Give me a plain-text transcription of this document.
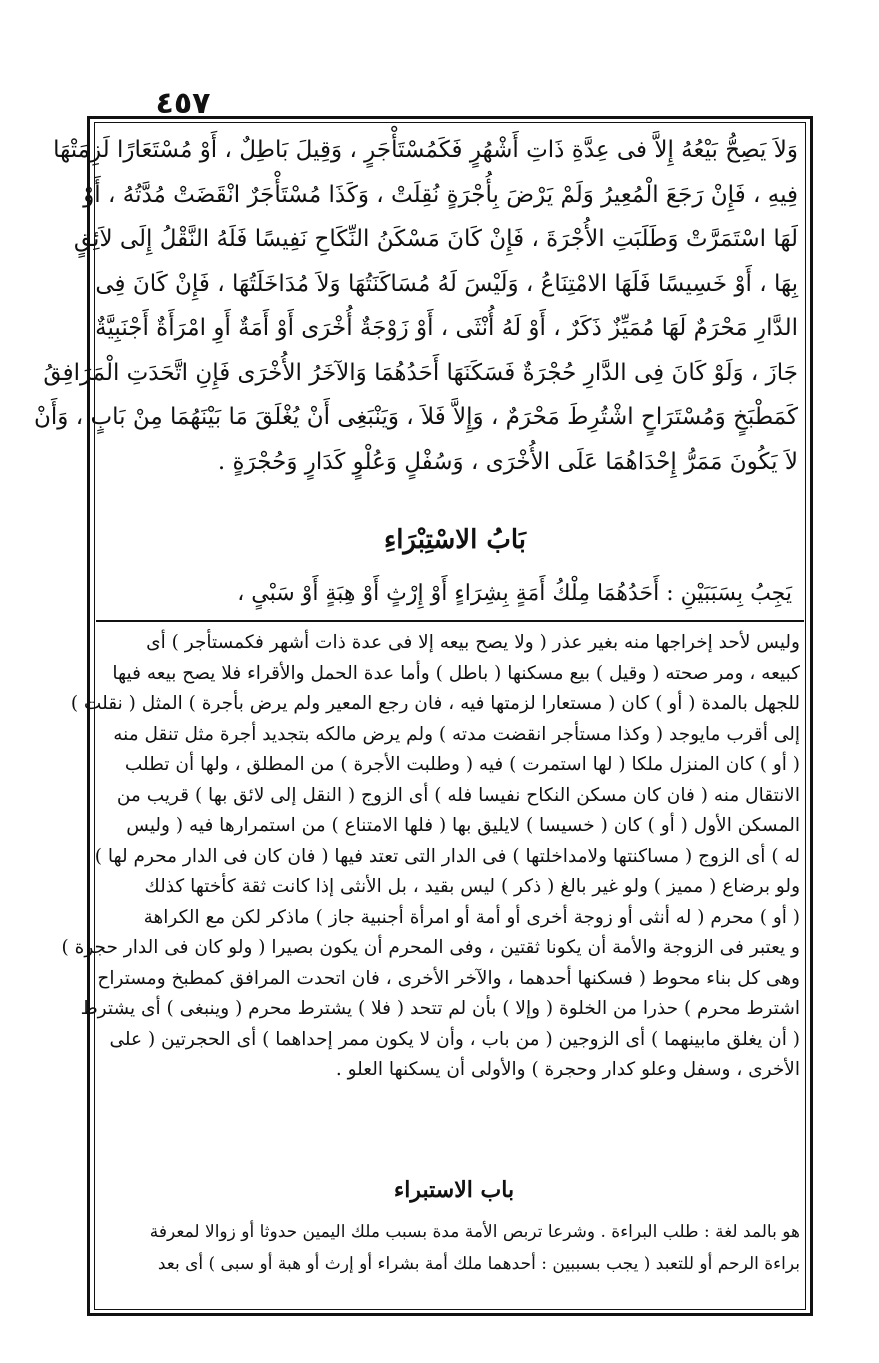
٤٥٧
وَلاَ يَصِحُّ بَيْعُهُ إِلاَّ فى عِدَّةِ ذَاتِ أَشْهُرٍ فَكَمُسْتَأْجَرٍ ، وَقِيلَ بَاطِلٌ ، أَوْ مُسْتَعَارًا لَزِمَتْهَا
فِيهِ ، فَإِنْ رَجَعَ الْمُعِيرُ وَلَمْ يَرْضَ بِأُجْرَةٍ نُقِلَتْ ، وَكَذَا مُسْتَأْجَرٌ انْقَضَتْ مُدَّتُهُ ، أَوْ
لَهَا اسْتَمَرَّتْ وَطَلَبَتِ الأُجْرَةَ ، فَإِنْ كَانَ مَسْكَنُ النِّكَاحِ نَفِيسًا فَلَهُ النَّقْلُ إِلَى لاَئِقٍ
بِهَا ، أَوْ خَسِيسًا فَلَهَا الامْتِنَاعُ ، وَلَيْسَ لَهُ مُسَاكَنَتُهَا وَلاَ مُدَاخَلَتُهَا ، فَإِنْ كَانَ فِى
الدَّارِ مَحْرَمٌ لَهَا مُمَيِّزٌ ذَكَرٌ ، أَوْ لَهُ أُنْثَى ، أَوْ زَوْجَةٌ أُخْرَى أَوْ أَمَةٌ أَوِ امْرَأَةٌ أَجْنَبِيَّةٌ
جَازَ ، وَلَوْ كَانَ فِى الدَّارِ حُجْرَةٌ فَسَكَنَهَا أَحَدُهُمَا وَالآخَرُ الأُخْرَى فَإِنِ اتَّحَدَتِ الْمَرَافِقُ
كَمَطْبَخٍ وَمُسْتَرَاحٍ اشْتُرِطَ مَحْرَمٌ ، وَإِلاَّ فَلاَ ، وَيَنْبَغِى أَنْ يُغْلَقَ مَا بَيْنَهُمَا مِنْ بَابٍ ، وَأَنْ
لاَ يَكُونَ مَمَرُّ إِحْدَاهُمَا عَلَى الأُخْرَى ، وَسُفْلٍ وَعُلْوٍ كَدَارٍ وَحُجْرَةٍ .
بَابُ الاسْتِبْرَاءِ
يَجِبُ بِسَبَبَيْنِ : أَحَدُهُمَا مِلْكُ أَمَةٍ بِشِرَاءٍ أَوْ إِرْثٍ أَوْ هِبَةٍ أَوْ سَبْىٍ ،
وليس لأحد إخراجها منه بغير عذر ( ولا يصح بيعه إلا فى عدة ذات أشهر فكمستأجر ) أى
كبيعه ، ومر صحته ( وقيل ) بيع مسكنها ( باطل ) وأما عدة الحمل والأقراء فلا يصح بيعه فيها
للجهل بالمدة ( أو ) كان ( مستعارا لزمتها فيه ، فان رجع المعير ولم يرض بأجرة ) المثل ( نقلت )
إلى أقرب مايوجد ( وكذا مستأجر انقضت مدته ) ولم يرض مالكه بتجديد أجرة مثل تنقل منه
( أو ) كان المنزل ملكا ( لها استمرت ) فيه ( وطلبت الأجرة ) من المطلق ، ولها أن تطلب
الانتقال منه ( فان كان مسكن النكاح نفيسا فله ) أى الزوج ( النقل إلى لائق بها ) قريب من
المسكن الأول ( أو ) كان ( خسيسا ) لايليق بها ( فلها الامتناع ) من استمرارها فيه ( وليس
له ) أى الزوج ( مساكنتها ولامداخلتها ) فى الدار التى تعتد فيها ( فان كان فى الدار محرم لها )
ولو برضاع ( مميز ) ولو غير بالغ ( ذكر ) ليس بقيد ، بل الأنثى إذا كانت ثقة كأختها كذلك
( أو ) محرم ( له أنثى أو زوجة أخرى أو أمة أو امرأة أجنبية جاز ) ماذكر لكن مع الكراهة
و يعتبر فى الزوجة والأمة أن يكونا ثقتين ، وفى المحرم أن يكون بصيرا ( ولو كان فى الدار حجرة )
وهى كل بناء محوط ( فسكنها أحدهما ، والآخر الأخرى ، فان اتحدت المرافق كمطبخ ومستراح
اشترط محرم ) حذرا من الخلوة ( وإلا ) بأن لم تتحد ( فلا ) يشترط محرم ( وينبغى ) أى يشترط
( أن يغلق مابينهما ) أى الزوجين ( من باب ، وأن لا يكون ممر إحداهما ) أى الحجرتين ( على
الأخرى ، وسفل وعلو كدار وحجرة ) والأولى أن يسكنها العلو .
باب الاستبراء
هو بالمد لغة : طلب البراءة . وشرعا تربص الأمة مدة بسبب ملك اليمين حدوثا أو زوالا لمعرفة
براءة الرحم أو للتعبد ( يجب بسببين : أحدهما ملك أمة بشراء أو إرث أو هبة أو سبى ) أى بعد
